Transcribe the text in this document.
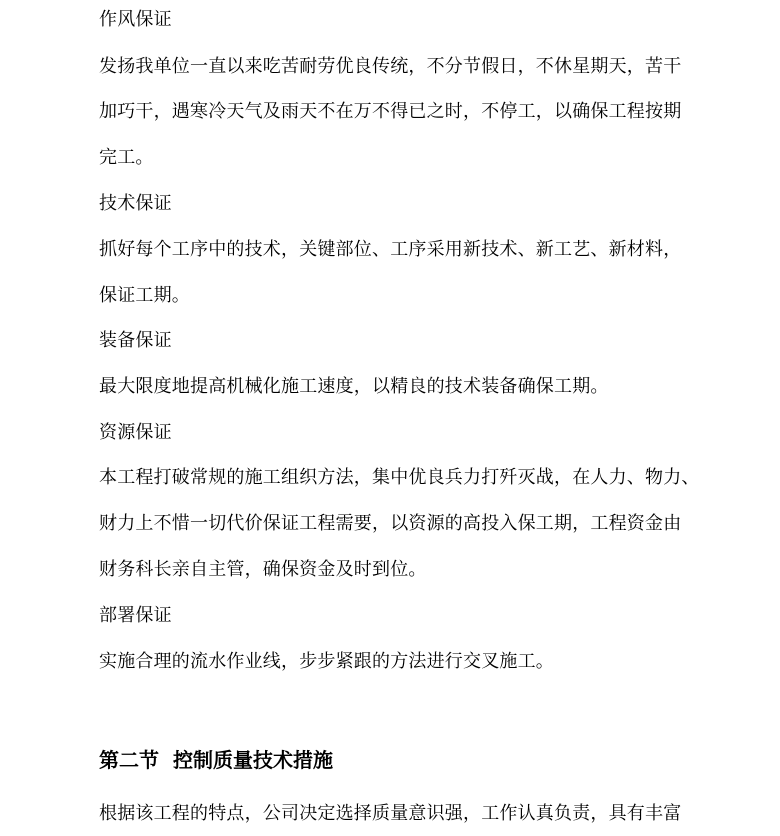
作风保证
发扬我单位一直以来吃苦耐劳优良传统，不分节假日，不休星期天，苦干
加巧干，遇寒冷天气及雨天不在万不得已之时，不停工，以确保工程按期
完工。
技术保证
抓好每个工序中的技术，关键部位、工序采用新技术、新工艺、新材料，
保证工期。
装备保证
最大限度地提高机械化施工速度，以精良的技术装备确保工期。
资源保证
本工程打破常规的施工组织方法，集中优良兵力打歼灭战，在人力、物力、
财力上不惜一切代价保证工程需要，以资源的高投入保工期，工程资金由
财务科长亲自主管，确保资金及时到位。
部署保证
实施合理的流水作业线，步步紧跟的方法进行交叉施工。
第二节 控制质量技术措施
根据该工程的特点，公司决定选择质量意识强，工作认真负责，具有丰富
